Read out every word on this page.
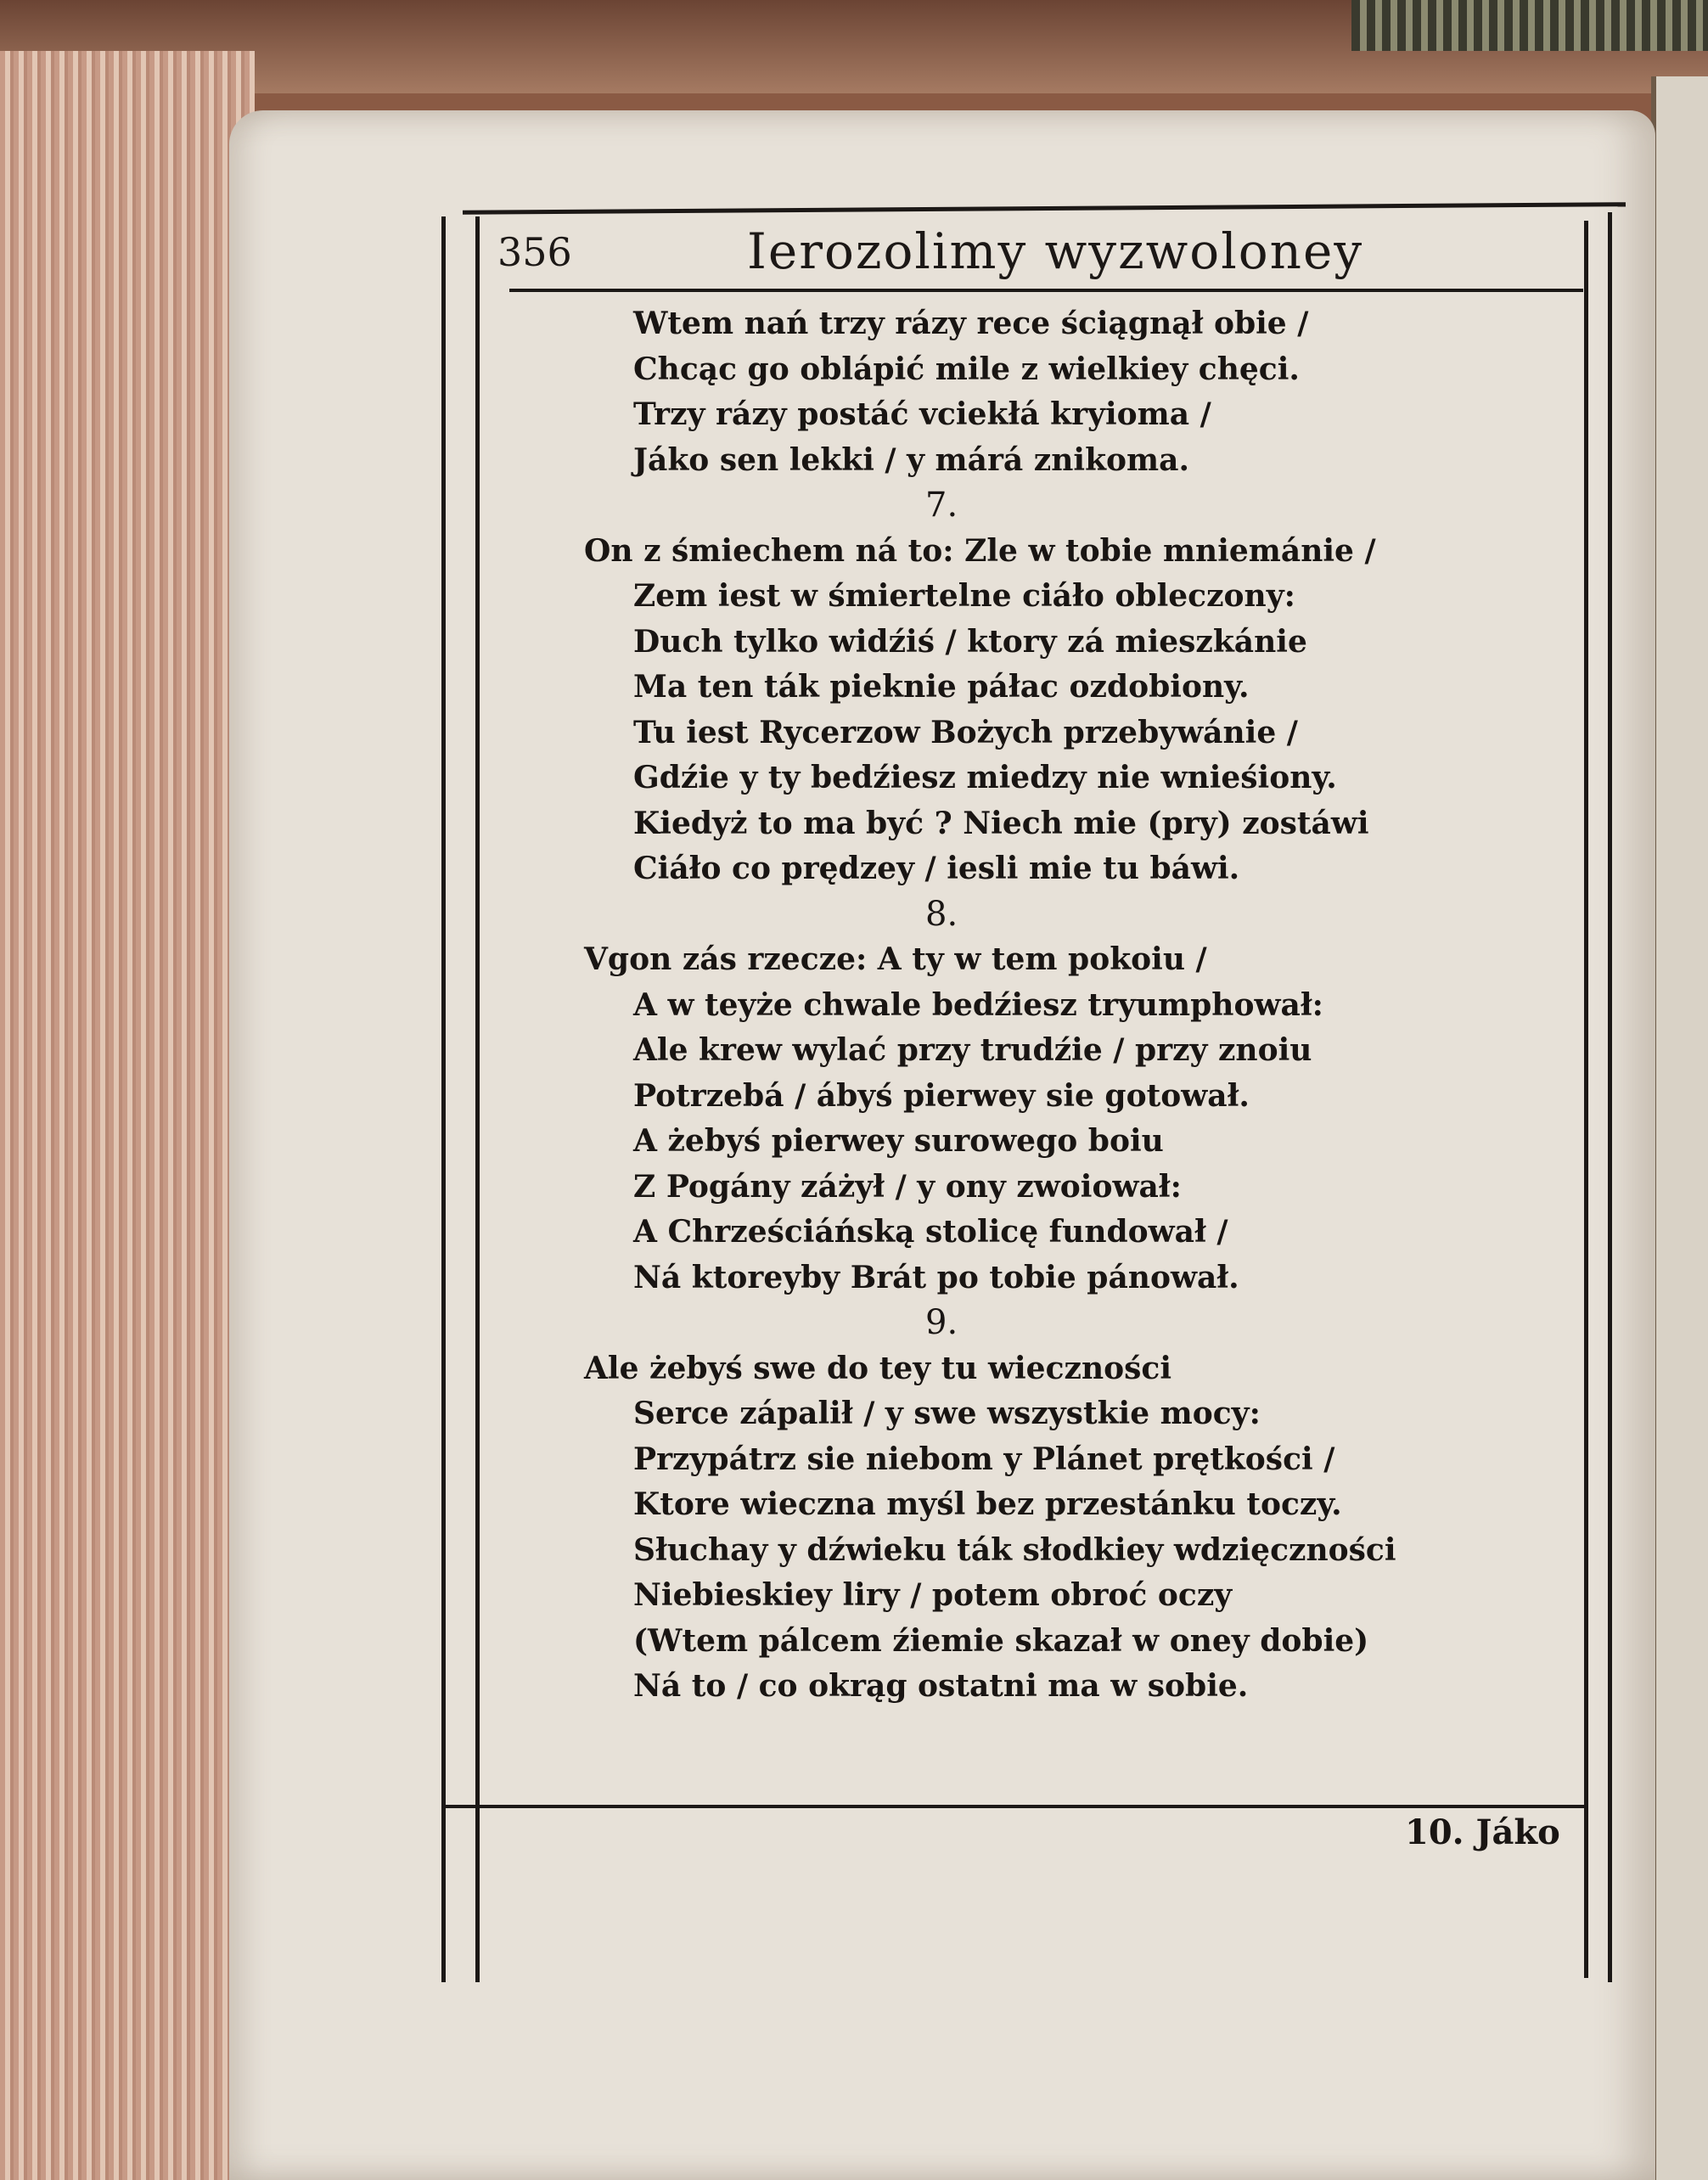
356	Ierozolimy wyzwoloney
Wtem nań trzy rázy rece ściągnął obie /
Chcąc go oblápić mile z wielkiey chęci.
Trzy rázy postáć vciekłá kryioma /
Jáko sen lekki / y márá znikoma.
7.
On z śmiechem ná to: Zle w tobie mniemánie /
Zem iest w śmiertelne ciáło obleczony:
Duch tylko widźiś / ktory zá mieszkánie
Ma ten ták pieknie páłac ozdobiony.
Tu iest Rycerzow Bożych przebywánie /
Gdźie y ty bedźiesz miedzy nie wnieśiony.
Kiedyż to ma być ? Niech mie (pry) zostáwi
Ciáło co prędzey / iesli mie tu báwi.
8.
Vgon zás rzecze: A ty w tem pokoiu /
A w teyże chwale bedźiesz tryumphował:
Ale krew wylać przy trudźie / przy znoiu
Potrzebá / ábyś pierwey sie gotował.
A żebyś pierwey surowego boiu
Z Pogány záżył / y ony zwoiował:
A Chrześciáńską stolicę fundował /
Ná ktoreyby Brát po tobie pánował.
9.
Ale żebyś swe do tey tu wieczności
Serce zápalił / y swe wszystkie mocy:
Przypátrz sie niebom y Plánet prętkości /
Ktore wieczna myśl bez przestánku toczy.
Słuchay y dźwieku ták słodkiey wdzięczności
Niebieskiey liry / potem obroć oczy
(Wtem pálcem źiemie skazał w oney dobie)
Ná to / co okrąg ostatni ma w sobie.
10. Jáko
